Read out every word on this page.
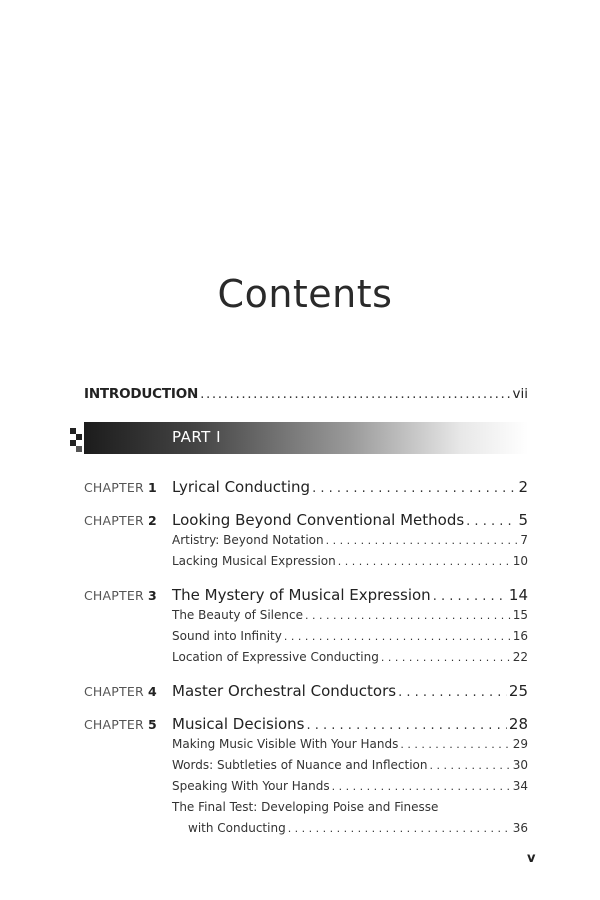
Contents
INTRODUCTION .....	vii
PART I
CHAPTER 1	Lyrical Conducting . . .	2
CHAPTER 2	Looking Beyond Conventional Methods . . .	5
Artistry: Beyond Notation . . .	7
Lacking Musical Expression . . .	10
CHAPTER 3	The Mystery of Musical Expression . . .	14
The Beauty of Silence . . .	15
Sound into Infinity . . .	16
Location of Expressive Conducting . . .	22
CHAPTER 4	Master Orchestral Conductors . . .	25
CHAPTER 5	Musical Decisions . . .	28
Making Music Visible With Your Hands . . .	29
Words: Subtleties of Nuance and Inflection . . .	30
Speaking With Your Hands . . .	34
The Final Test: Developing Poise and Finesse
with Conducting . . .	36
v
